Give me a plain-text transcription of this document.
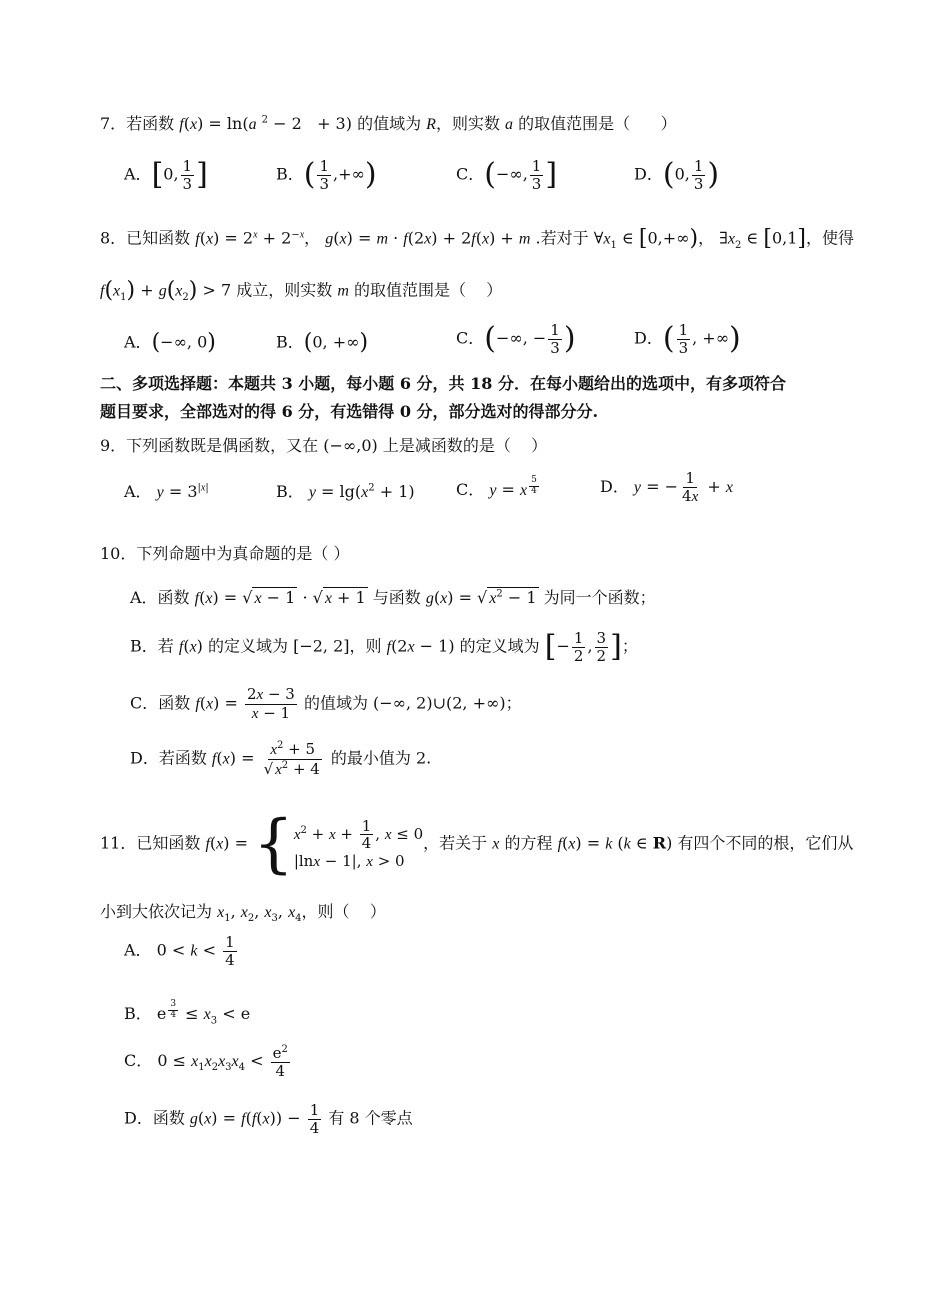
7．若函数 f(x) = ln(a $^2$ − 2   + 3) 的值域为 R，则实数 a 的取值范围是（      ）
A．[0, $\frac{1}{3}$ ]	B．( $\frac{1}{3}$ ,+∞)	C．(−∞, $\frac{1}{3}$ ]	D．(0, $\frac{1}{3}$ )
8．已知函数 $f(x) = 2^x + 2^{-x}$， g(x) = m · f(2x) + 2f(x) + m .若对于 $\forall x_1$ ∈ [0,+∞)， $\exists x_2$ ∈ [0,1]，使得
$f(x_1) + g(x_2) > 7$ 成立，则实数 m 的取值范围是（    ）
A．(−∞, 0)	B．(0, +∞)	C．(−∞, − $\frac{1}{3}$ )	D．( $\frac{1}{3}$ , +∞)
二、多项选择题：本题共 3 小题，每小题 6 分，共 18 分．在每小题给出的选项中，有多项符合
题目要求，全部选对的得 6 分，有选错得 0 分，部分选对的得部分分.
9．下列函数既是偶函数，又在 (−∞,0) 上是减函数的是（    ）
A． $y = 3^{|x|}$	B． $y = \lg(x^2 + 1)$	C． y = x $^{\frac{5}{4}}$	D． y = − $\frac{1}{4x} + x$
10．下列命题中为真命题的是（ ）
A．函数 f(x) = √ x − 1 · √ x + 1 与函数 g(x) = √ $x^2 - 1$ 为同一个函数；
B．若 f(x) 的定义域为 [−2, 2]，则 f(2x − 1) 的定义域为 [− $\frac{1}{2}$ , $\frac{3}{2}$ ]；
C．函数 $f(x) = \frac{2x - 3}{x - 1}$ 的值域为 (−∞, 2)∪(2, +∞)；
D．若函数 $f(x) = \frac{x^2 + 5}{√ x^2 + 4}$ 的最小值为 2.
11．已知函数 f(x) = { $x^2 + x + \frac{1}{4}$ , x ≤ 0
|lnx − 1|, x > 0
，若关于 x 的方程 f(x) = k (k ∈ R) 有四个不同的根，它们从
小到大依次记为 $x_1$, $x_2$, $x_3$, $x_4$，则（    ）
A． $0 < k < \frac{1}{4}$
B． e $^{\frac{3}{4}} \le x_3 < e$
C． $0 \le x_1x_2x_3x_4 < \frac{e^2}{4}$
D．函数 $g(x) = f(f(x)) - \frac{1}{4}$ 有 8 个零点
